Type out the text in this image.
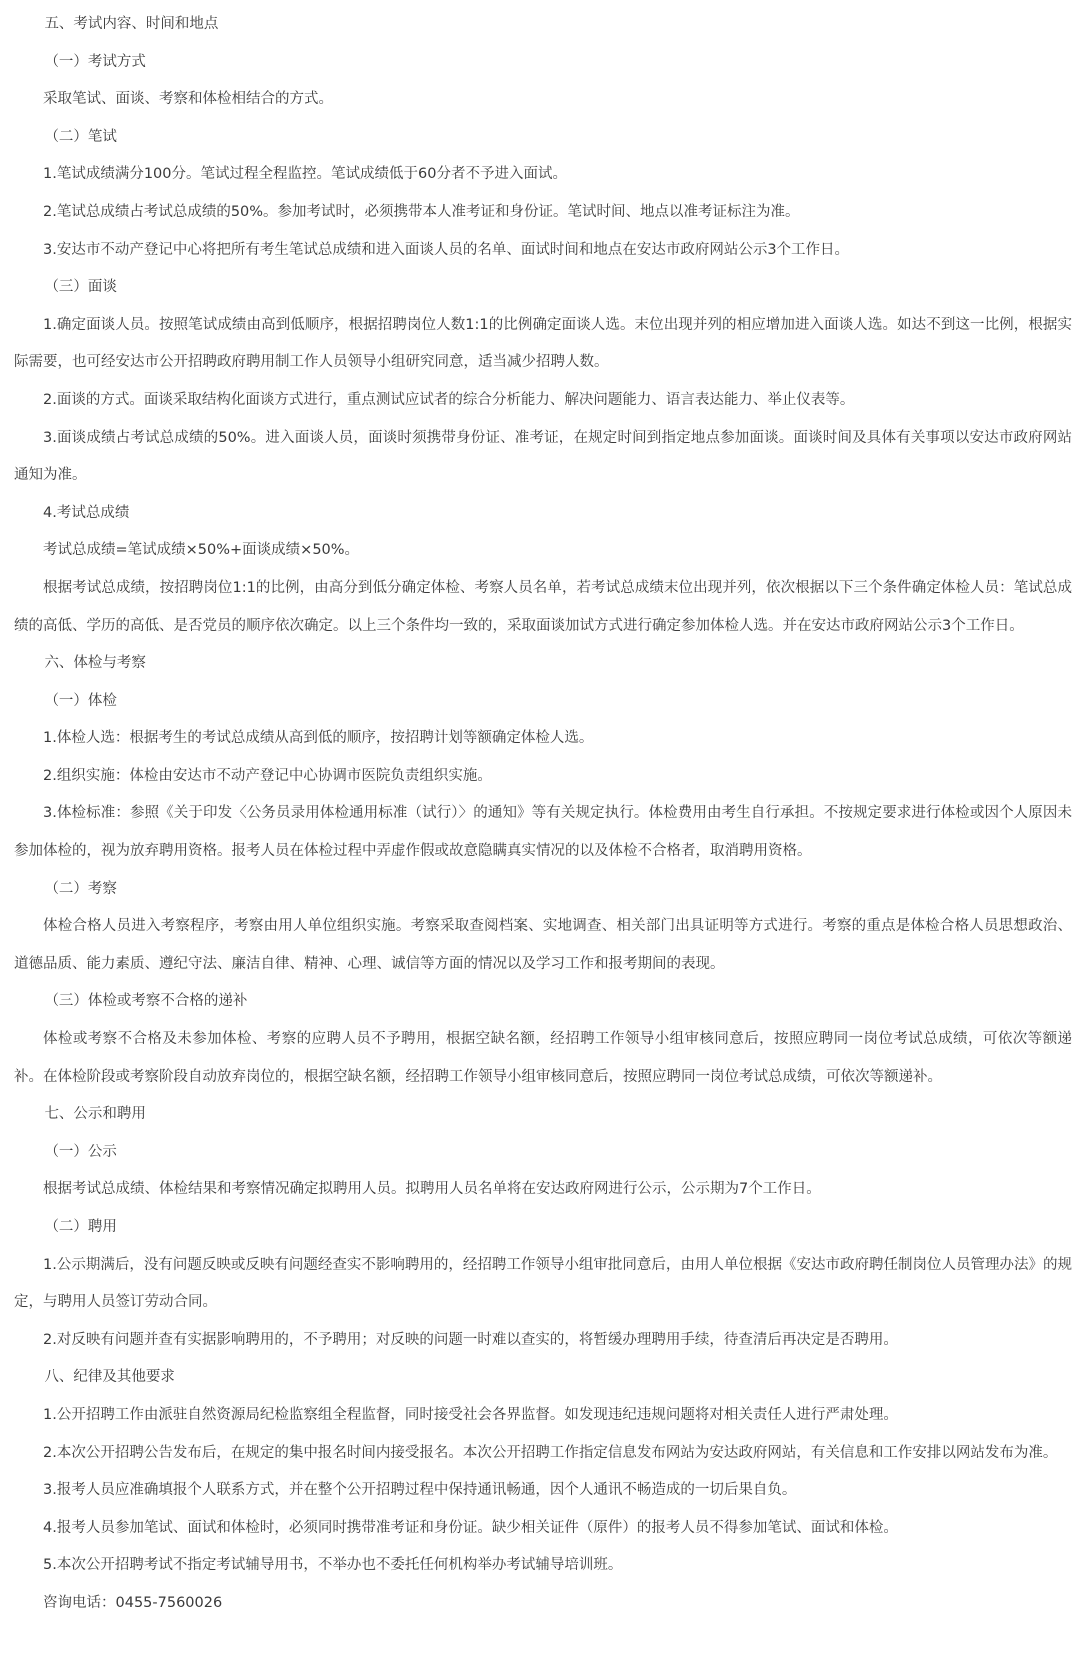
五、考试内容、时间和地点

（一）考试方式

采取笔试、面谈、考察和体检相结合的方式。

（二）笔试

1.笔试成绩满分100分。笔试过程全程监控。笔试成绩低于60分者不予进入面试。

2.笔试总成绩占考试总成绩的50%。参加考试时，必须携带本人准考证和身份证。笔试时间、地点以准考证标注为准。

3.安达市不动产登记中心将把所有考生笔试总成绩和进入面谈人员的名单、面试时间和地点在安达市政府网站公示3个工作日。

（三）面谈

1.确定面谈人员。按照笔试成绩由高到低顺序，根据招聘岗位人数1:1的比例确定面谈人选。末位出现并列的相应增加进入面谈人选。如达不到这一比例，根据实际需要，也可经安达市公开招聘政府聘用制工作人员领导小组研究同意，适当减少招聘人数。

2.面谈的方式。面谈采取结构化面谈方式进行，重点测试应试者的综合分析能力、解决问题能力、语言表达能力、举止仪表等。

3.面谈成绩占考试总成绩的50%。进入面谈人员，面谈时须携带身份证、准考证，在规定时间到指定地点参加面谈。面谈时间及具体有关事项以安达市政府网站通知为准。

4.考试总成绩

考试总成绩=笔试成绩×50%+面谈成绩×50%。

根据考试总成绩，按招聘岗位1:1的比例，由高分到低分确定体检、考察人员名单，若考试总成绩末位出现并列，依次根据以下三个条件确定体检人员：笔试总成绩的高低、学历的高低、是否党员的顺序依次确定。以上三个条件均一致的，采取面谈加试方式进行确定参加体检人选。并在安达市政府网站公示3个工作日。

六、体检与考察

（一）体检

1.体检人选：根据考生的考试总成绩从高到低的顺序，按招聘计划等额确定体检人选。

2.组织实施：体检由安达市不动产登记中心协调市医院负责组织实施。

3.体检标准：参照《关于印发〈公务员录用体检通用标准（试行）〉的通知》等有关规定执行。体检费用由考生自行承担。不按规定要求进行体检或因个人原因未参加体检的，视为放弃聘用资格。报考人员在体检过程中弄虚作假或故意隐瞒真实情况的以及体检不合格者，取消聘用资格。

（二）考察

体检合格人员进入考察程序，考察由用人单位组织实施。考察采取查阅档案、实地调查、相关部门出具证明等方式进行。考察的重点是体检合格人员思想政治、道德品质、能力素质、遵纪守法、廉洁自律、精神、心理、诚信等方面的情况以及学习工作和报考期间的表现。

（三）体检或考察不合格的递补

体检或考察不合格及未参加体检、考察的应聘人员不予聘用，根据空缺名额，经招聘工作领导小组审核同意后，按照应聘同一岗位考试总成绩，可依次等额递补。在体检阶段或考察阶段自动放弃岗位的，根据空缺名额，经招聘工作领导小组审核同意后，按照应聘同一岗位考试总成绩，可依次等额递补。

七、公示和聘用

（一）公示

根据考试总成绩、体检结果和考察情况确定拟聘用人员。拟聘用人员名单将在安达政府网进行公示，公示期为7个工作日。

（二）聘用

1.公示期满后，没有问题反映或反映有问题经查实不影响聘用的，经招聘工作领导小组审批同意后，由用人单位根据《安达市政府聘任制岗位人员管理办法》的规定，与聘用人员签订劳动合同。

2.对反映有问题并查有实据影响聘用的，不予聘用；对反映的问题一时难以查实的，将暂缓办理聘用手续，待查清后再决定是否聘用。

八、纪律及其他要求

1.公开招聘工作由派驻自然资源局纪检监察组全程监督，同时接受社会各界监督。如发现违纪违规问题将对相关责任人进行严肃处理。

2.本次公开招聘公告发布后，在规定的集中报名时间内接受报名。本次公开招聘工作指定信息发布网站为安达政府网站，有关信息和工作安排以网站发布为准。

3.报考人员应准确填报个人联系方式，并在整个公开招聘过程中保持通讯畅通，因个人通讯不畅造成的一切后果自负。

4.报考人员参加笔试、面试和体检时，必须同时携带准考证和身份证。缺少相关证件（原件）的报考人员不得参加笔试、面试和体检。

5.本次公开招聘考试不指定考试辅导用书，不举办也不委托任何机构举办考试辅导培训班。

咨询电话：0455-7560026
